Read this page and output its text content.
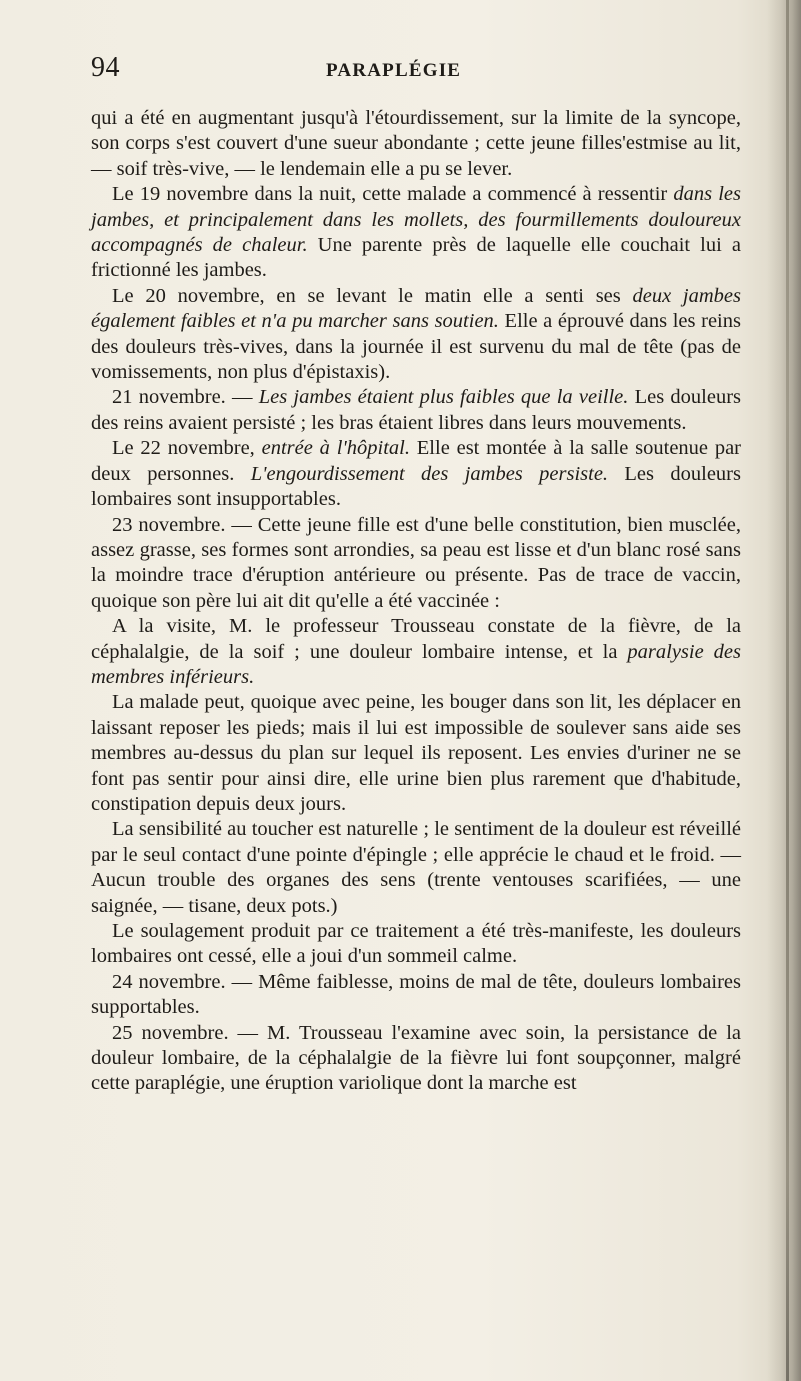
94	PARAPLÉGIE

qui a été en augmentant jusqu'à l'étourdissement, sur la limite de la syncope, son corps s'est couvert d'une sueur abondante ; cette jeune filles'estmise au lit,— soif très-vive, — le lendemain elle a pu se lever.

Le 19 novembre dans la nuit, cette malade a commencé à ressentir dans les jambes, et principalement dans les mollets, des fourmillements douloureux accompagnés de chaleur. Une parente près de laquelle elle couchait lui a frictionné les jambes.

Le 20 novembre, en se levant le matin elle a senti ses deux jambes également faibles et n'a pu marcher sans soutien. Elle a éprouvé dans les reins des douleurs très-vives, dans la journée il est survenu du mal de tête (pas de vomissements, non plus d'épistaxis).

21 novembre. — Les jambes étaient plus faibles que la veille. Les douleurs des reins avaient persisté ; les bras étaient libres dans leurs mouvements.

Le 22 novembre, entrée à l'hôpital. Elle est montée à la salle soutenue par deux personnes. L'engourdissement des jambes persiste. Les douleurs lombaires sont insupportables.

23 novembre. — Cette jeune fille est d'une belle constitution, bien musclée, assez grasse, ses formes sont arrondies, sa peau est lisse et d'un blanc rosé sans la moindre trace d'éruption antérieure ou présente. Pas de trace de vaccin, quoique son père lui ait dit qu'elle a été vaccinée :

A la visite, M. le professeur Trousseau constate de la fièvre, de la céphalalgie, de la soif ; une douleur lombaire intense, et la paralysie des membres inférieurs.

La malade peut, quoique avec peine, les bouger dans son lit, les déplacer en laissant reposer les pieds; mais il lui est impossible de soulever sans aide ses membres au-dessus du plan sur lequel ils reposent. Les envies d'uriner ne se font pas sentir pour ainsi dire, elle urine bien plus rarement que d'habitude, constipation depuis deux jours.

La sensibilité au toucher est naturelle ; le sentiment de la douleur est réveillé par le seul contact d'une pointe d'épingle ; elle apprécie le chaud et le froid. — Aucun trouble des organes des sens (trente ventouses scarifiées, — une saignée, — tisane, deux pots.)

Le soulagement produit par ce traitement a été très-manifeste, les douleurs lombaires ont cessé, elle a joui d'un sommeil calme.

24 novembre. — Même faiblesse, moins de mal de tête, douleurs lombaires supportables.

25 novembre. — M. Trousseau l'examine avec soin, la persistance de la douleur lombaire, de la céphalalgie de la fièvre lui font soupçonner, malgré cette paraplégie, une éruption variolique dont la marche est
